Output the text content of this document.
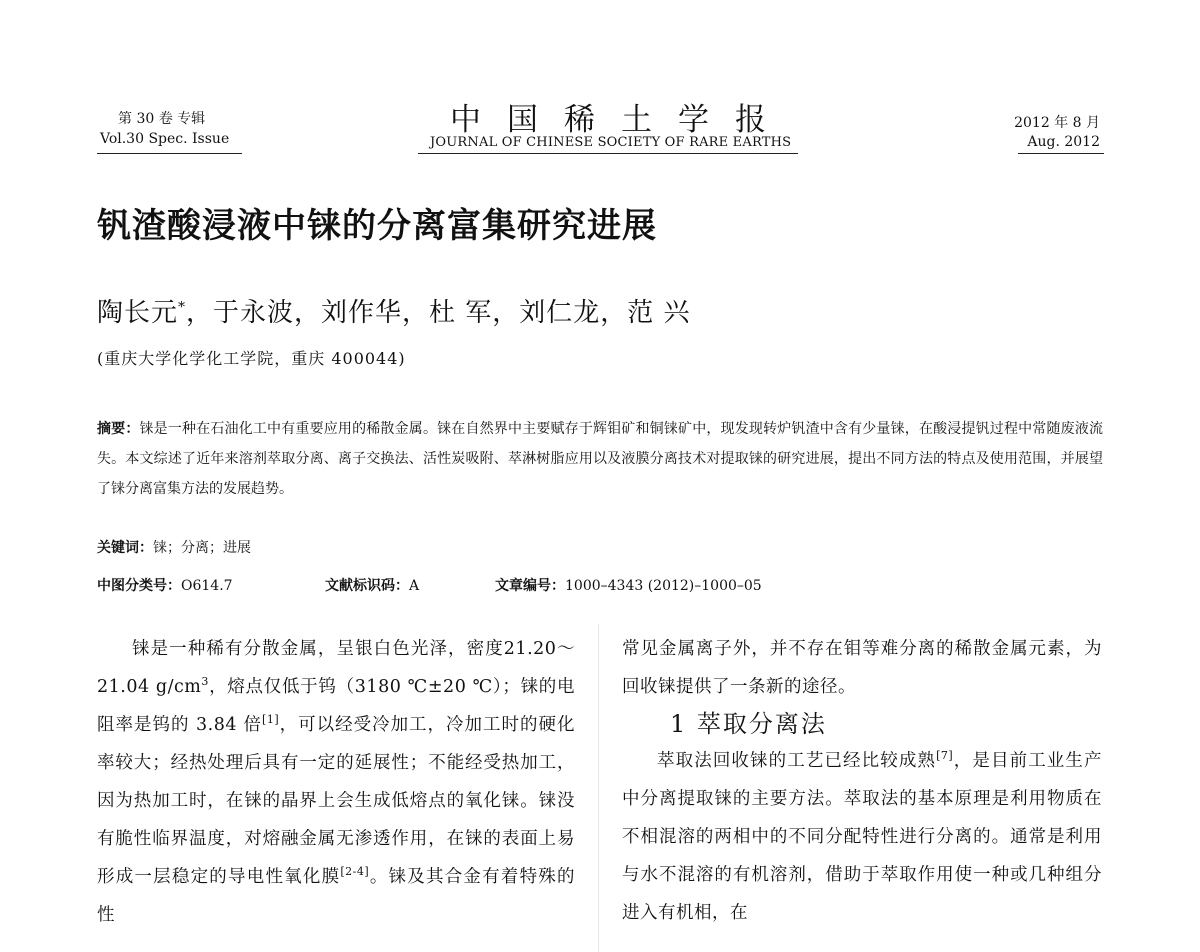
第 30 卷 专辑
Vol.30 Spec. Issue
中国稀土学报
JOURNAL OF CHINESE SOCIETY OF RARE EARTHS
2012 年 8 月
Aug. 2012
钒渣酸浸液中铼的分离富集研究进展
陶长元*，于永波，刘作华，杜 军，刘仁龙，范 兴
(重庆大学化学化工学院，重庆 400044)
摘要：铼是一种在石油化工中有重要应用的稀散金属。铼在自然界中主要赋存于辉钼矿和铜铼矿中，现发现转炉钒渣中含有少量铼，在酸浸提钒过程中常随废液流失。本文综述了近年来溶剂萃取分离、离子交换法、活性炭吸附、萃淋树脂应用以及液膜分离技术对提取铼的研究进展，提出不同方法的特点及使用范围，并展望了铼分离富集方法的发展趋势。
关键词：铼；分离；进展
中图分类号：O614.7	文献标识码：A	文章编号：1000–4343 (2012)–1000–05

铼是一种稀有分散金属，呈银白色光泽，密度21.20～21.04 $g/cm^3$，熔点仅低于钨（3180 ℃±20 ℃）；铼的电阻率是钨的 3.84 倍[1]，可以经受冷加工，冷加工时的硬化率较大；经热处理后具有一定的延展性；不能经受热加工，因为热加工时，在铼的晶界上会生成低熔点的氧化铼。铼没有脆性临界温度，对熔融金属无渗透作用，在铼的表面上易形成一层稳定的导电性氧化膜[2-4]。铼及其合金有着特殊的性

常见金属离子外，并不存在钼等难分离的稀散金属元素，为回收铼提供了一条新的途径。

1 萃取分离法

萃取法回收铼的工艺已经比较成熟[7]，是目前工业生产中分离提取铼的主要方法。萃取法的基本原理是利用物质在不相混溶的两相中的不同分配特性进行分离的。通常是利用与水不混溶的有机溶剂，借助于萃取作用使一种或几种组分进入有机相，在
